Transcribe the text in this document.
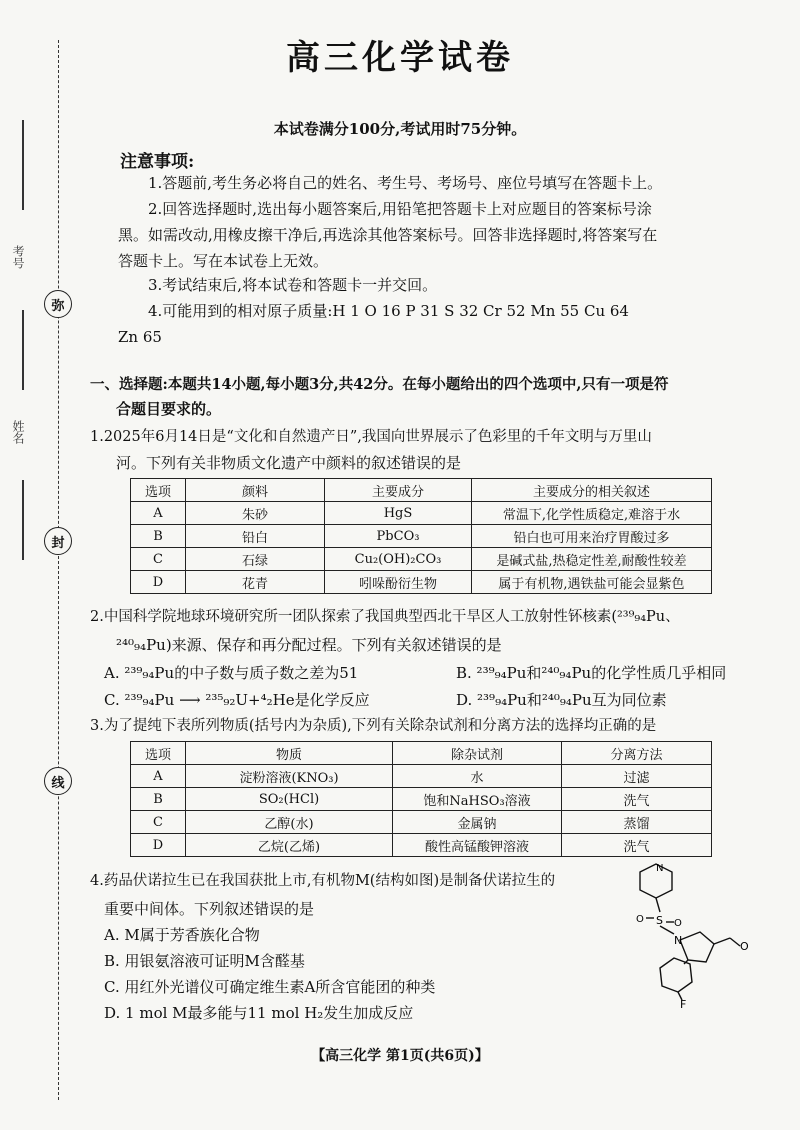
考号
姓名
弥
封
线
高三化学试卷
本试卷满分100分,考试用时75分钟。
注意事项:
1.答题前,考生务必将自己的姓名、考生号、考场号、座位号填写在答题卡上。
2.回答选择题时,选出每小题答案后,用铅笔把答题卡上对应题目的答案标号涂
黑。如需改动,用橡皮擦干净后,再选涂其他答案标号。回答非选择题时,将答案写在
答题卡上。写在本试卷上无效。
3.考试结束后,将本试卷和答题卡一并交回。
4.可能用到的相对原子质量:H 1 O 16 P 31 S 32 Cr 52 Mn 55 Cu 64
Zn 65
一、选择题:本题共14小题,每小题3分,共42分。在每小题给出的四个选项中,只有一项是符
合题目要求的。
1.2025年6月14日是“文化和自然遗产日”,我国向世界展示了色彩里的千年文明与万里山
河。下列有关非物质文化遗产中颜料的叙述错误的是
选项	颜料	主要成分	主要成分的相关叙述
A	朱砂	HgS	常温下,化学性质稳定,难溶于水
B	铅白	PbCO₃	铅白也可用来治疗胃酸过多
C	石绿	Cu₂(OH)₂CO₃	是碱式盐,热稳定性差,耐酸性较差
D	花青	吲哚酚衍生物	属于有机物,遇铁盐可能会显紫色
2.中国科学院地球环境研究所一团队探索了我国典型西北干旱区人工放射性钚核素(²³⁹₉₄Pu、
²⁴⁰₉₄Pu)来源、保存和再分配过程。下列有关叙述错误的是
A. ²³⁹₉₄Pu的中子数与质子数之差为51	B. ²³⁹₉₄Pu和²⁴⁰₉₄Pu的化学性质几乎相同
C. ²³⁹₉₄Pu ⟶ ²³⁵₉₂U+⁴₂He是化学反应	D. ²³⁹₉₄Pu和²⁴⁰₉₄Pu互为同位素
3.为了提纯下表所列物质(括号内为杂质),下列有关除杂试剂和分离方法的选择均正确的是
选项	物质	除杂试剂	分离方法
A	淀粉溶液(KNO₃)	水	过滤
B	SO₂(HCl)	饱和NaHSO₃溶液	洗气
C	乙醇(水)	金属钠	蒸馏
D	乙烷(乙烯)	酸性高锰酸钾溶液	洗气
4.药品伏诺拉生已在我国获批上市,有机物M(结构如图)是制备伏诺拉生的
重要中间体。下列叙述错误的是
A. M属于芳香族化合物
B. 用银氨溶液可证明M含醛基
C. 用红外光谱仪可确定维生素A所含官能团的种类
D. 1 mol M最多能与11 mol H₂发生加成反应
N
S
O	O
N
F
O
【高三化学 第1页(共6页)】
